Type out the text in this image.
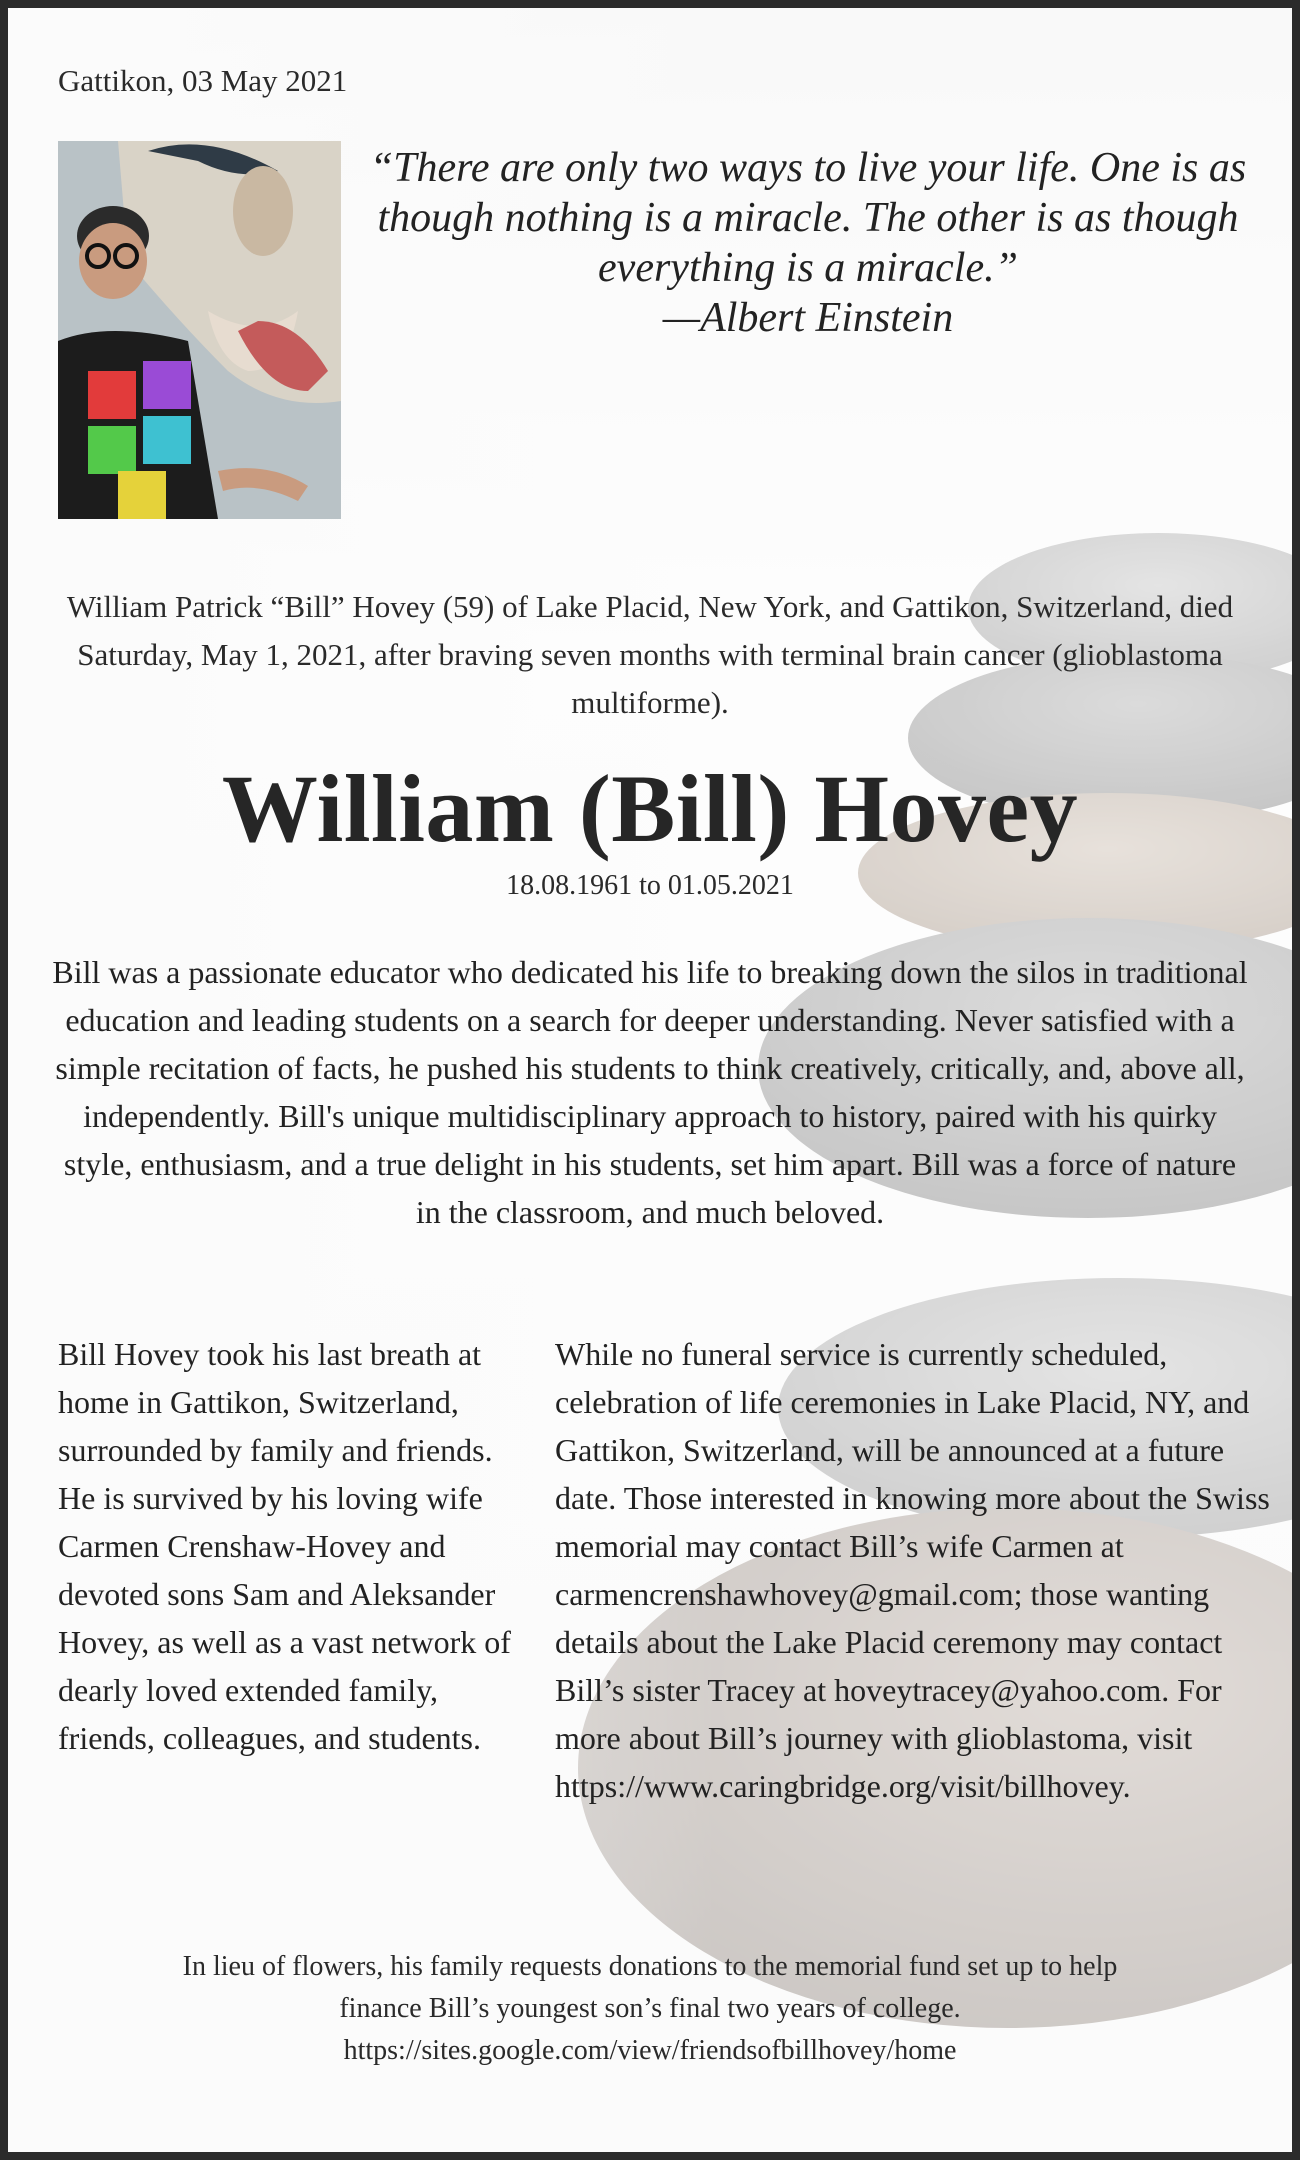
Gattikon, 03 May 2021
“There are only two ways to live your life. One is as though nothing is a miracle. The other is as though everything is a miracle.”
—Albert Einstein
William Patrick “Bill” Hovey (59) of Lake Placid, New York, and Gattikon, Switzerland, died Saturday, May 1, 2021, after braving seven months with terminal brain cancer (glioblastoma multiforme).
William (Bill) Hovey
18.08.1961 to 01.05.2021
Bill was a passionate educator who dedicated his life to breaking down the silos in traditional education and leading students on a search for deeper understanding. Never satisfied with a simple recitation of facts, he pushed his students to think creatively, critically, and, above all, independently. Bill's unique multidisciplinary approach to history, paired with his quirky style, enthusiasm, and a true delight in his students, set him apart. Bill was a force of nature in the classroom, and much beloved.
Bill Hovey took his last breath at home in Gattikon, Switzerland, surrounded by family and friends. He is survived by his loving wife Carmen Crenshaw-Hovey and devoted sons Sam and Aleksander Hovey, as well as a vast network of dearly loved extended family, friends, colleagues, and students.
While no funeral service is currently scheduled, celebration of life ceremonies in Lake Placid, NY, and Gattikon, Switzerland, will be announced at a future date. Those interested in knowing more about the Swiss memorial may contact Bill’s wife Carmen at carmencrenshawhovey@gmail.com; those wanting details about the Lake Placid ceremony may contact Bill’s sister Tracey at hoveytracey@yahoo.com. For more about Bill’s journey with glioblastoma, visit https://www.caringbridge.org/visit/billhovey.
In lieu of flowers, his family requests donations to the memorial fund set up to help
finance Bill’s youngest son’s final two years of college.
https://sites.google.com/view/friendsofbillhovey/home
